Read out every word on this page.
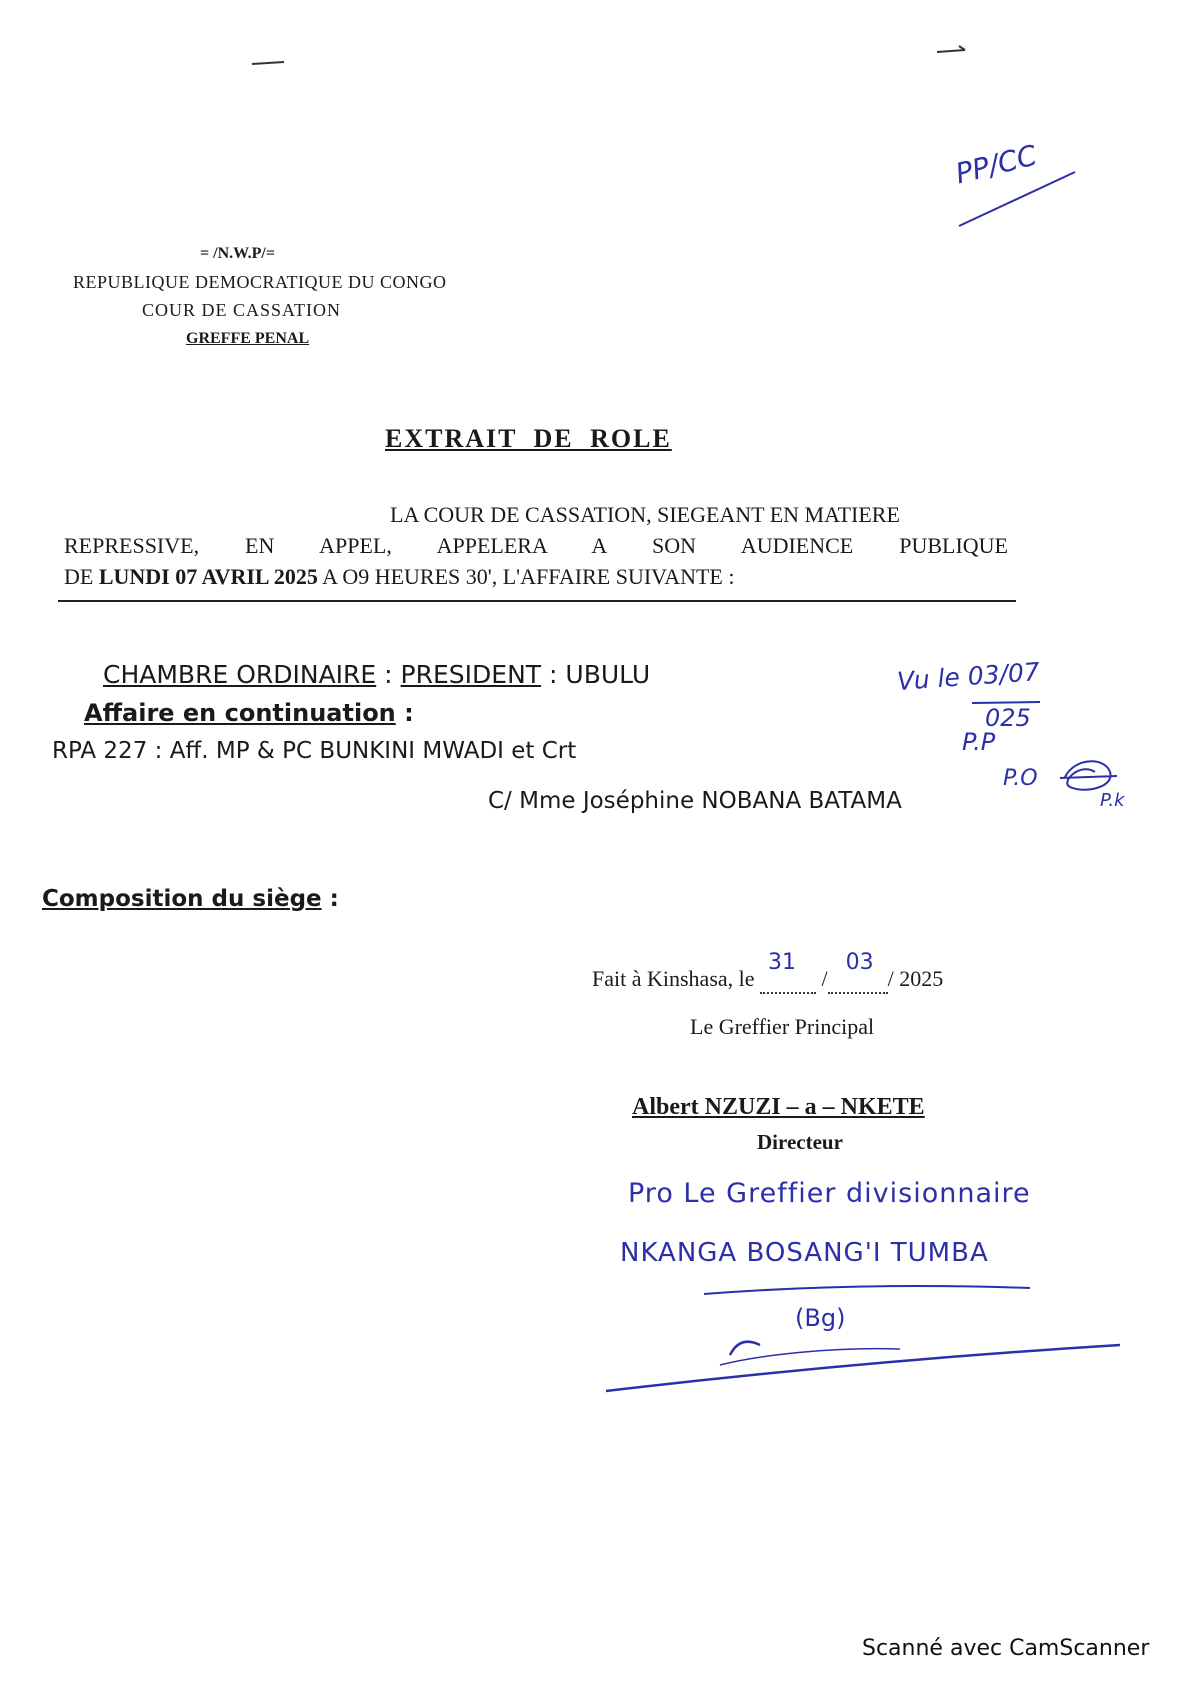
PP/CC
= /N.W.P/=
REPUBLIQUE DEMOCRATIQUE DU CONGO
COUR DE CASSATION
GREFFE PENAL
EXTRAIT DE ROLE
LA COUR DE CASSATION, SIEGEANT EN MATIERE
REPRESSIVE, EN APPEL, APPELERA A SON AUDIENCE PUBLIQUE
DE LUNDI 07 AVRIL 2025 A O9 HEURES 30', L'AFFAIRE SUIVANTE :
CHAMBRE ORDINAIRE : PRESIDENT : UBULU
Affaire en continuation :
RPA 227 : Aff. MP & PC BUNKINI MWADI et Crt
C/ Mme Joséphine NOBANA BATAMA
Vu le 03/07
025
P.P
P.O
P.k
Composition du siège :
Fait à Kinshasa, le
31
/
03
/ 2025
Le Greffier Principal
Albert NZUZI – a – NKETE
Directeur
Pro Le Greffier divisionnaire
NKANGA BOSANG'I TUMBA
(Bg)
Scanné avec CamScanner
